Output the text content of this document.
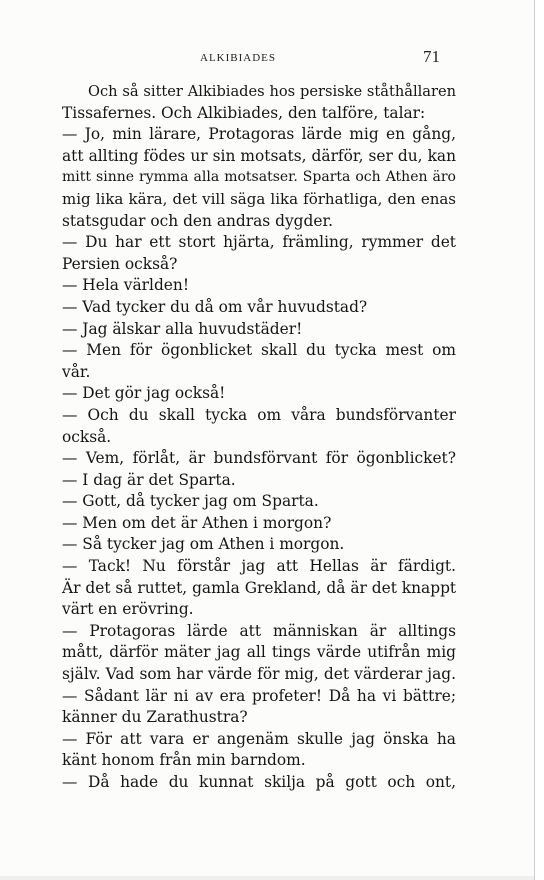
ALKIBIADES	71
Och så sitter Alkibiades hos persiske ståthållaren
Tissafernes. Och Alkibiades, den talföre, talar:
— Jo, min lärare, Protagoras lärde mig en gång,
att allting födes ur sin motsats, därför, ser du, kan
mitt sinne rymma alla motsatser. Sparta och Athen äro
mig lika kära, det vill säga lika förhatliga, den enas
statsgudar och den andras dygder.
— Du har ett stort hjärta, främling, rymmer det
Persien också?
— Hela världen!
— Vad tycker du då om vår huvudstad?
— Jag älskar alla huvudstäder!
— Men för ögonblicket skall du tycka mest om
vår.
— Det gör jag också!
— Och du skall tycka om våra bundsförvanter
också.
— Vem, förlåt, är bundsförvant för ögonblicket?
— I dag är det Sparta.
— Gott, då tycker jag om Sparta.
— Men om det är Athen i morgon?
— Så tycker jag om Athen i morgon.
— Tack! Nu förstår jag att Hellas är färdigt.
Är det så ruttet, gamla Grekland, då är det knappt
värt en erövring.
— Protagoras lärde att människan är alltings
mått, därför mäter jag all tings värde utifrån mig
själv. Vad som har värde för mig, det värderar jag.
— Sådant lär ni av era profeter! Då ha vi bättre;
känner du Zarathustra?
— För att vara er angenäm skulle jag önska ha
känt honom från min barndom.
— Då hade du kunnat skilja på gott och ont,
